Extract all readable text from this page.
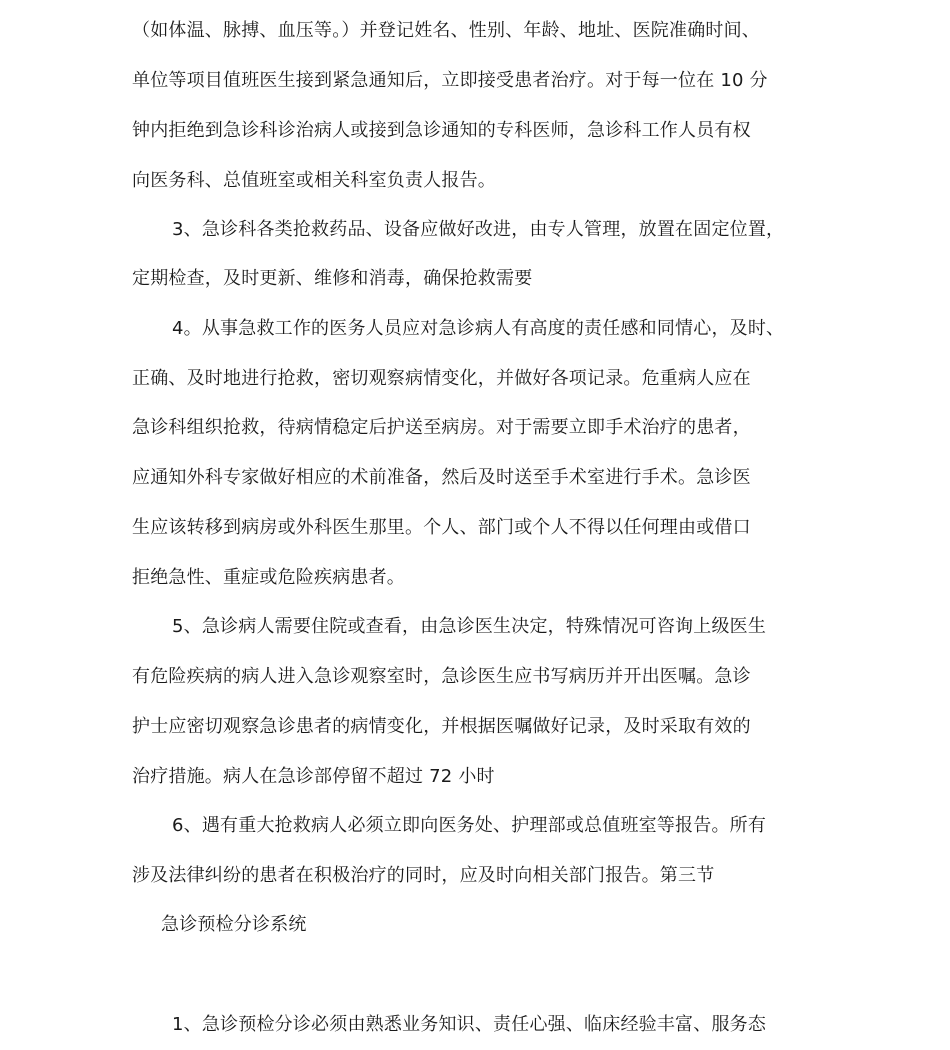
（如体温、脉搏、血压等。）并登记姓名、性别、年龄、地址、医院准确时间、
单位等项目值班医生接到紧急通知后，立即接受患者治疗。对于每一位在 10 分
钟内拒绝到急诊科诊治病人或接到急诊通知的专科医师，急诊科工作人员有权
向医务科、总值班室或相关科室负责人报告。
3、急诊科各类抢救药品、设备应做好改进，由专人管理，放置在固定位置，
定期检查，及时更新、维修和消毒，确保抢救需要
4。从事急救工作的医务人员应对急诊病人有高度的责任感和同情心，及时、
正确、及时地进行抢救，密切观察病情变化，并做好各项记录。危重病人应在
急诊科组织抢救，待病情稳定后护送至病房。对于需要立即手术治疗的患者，
应通知外科专家做好相应的术前准备，然后及时送至手术室进行手术。急诊医
生应该转移到病房或外科医生那里。个人、部门或个人不得以任何理由或借口
拒绝急性、重症或危险疾病患者。
5、急诊病人需要住院或查看，由急诊医生决定，特殊情况可咨询上级医生
有危险疾病的病人进入急诊观察室时，急诊医生应书写病历并开出医嘱。急诊
护士应密切观察急诊患者的病情变化，并根据医嘱做好记录，及时采取有效的
治疗措施。病人在急诊部停留不超过 72 小时
6、遇有重大抢救病人必须立即向医务处、护理部或总值班室等报告。所有
涉及法律纠纷的患者在积极治疗的同时，应及时向相关部门报告。第三节
急诊预检分诊系统
1、急诊预检分诊必须由熟悉业务知识、责任心强、临床经验丰富、服务态
